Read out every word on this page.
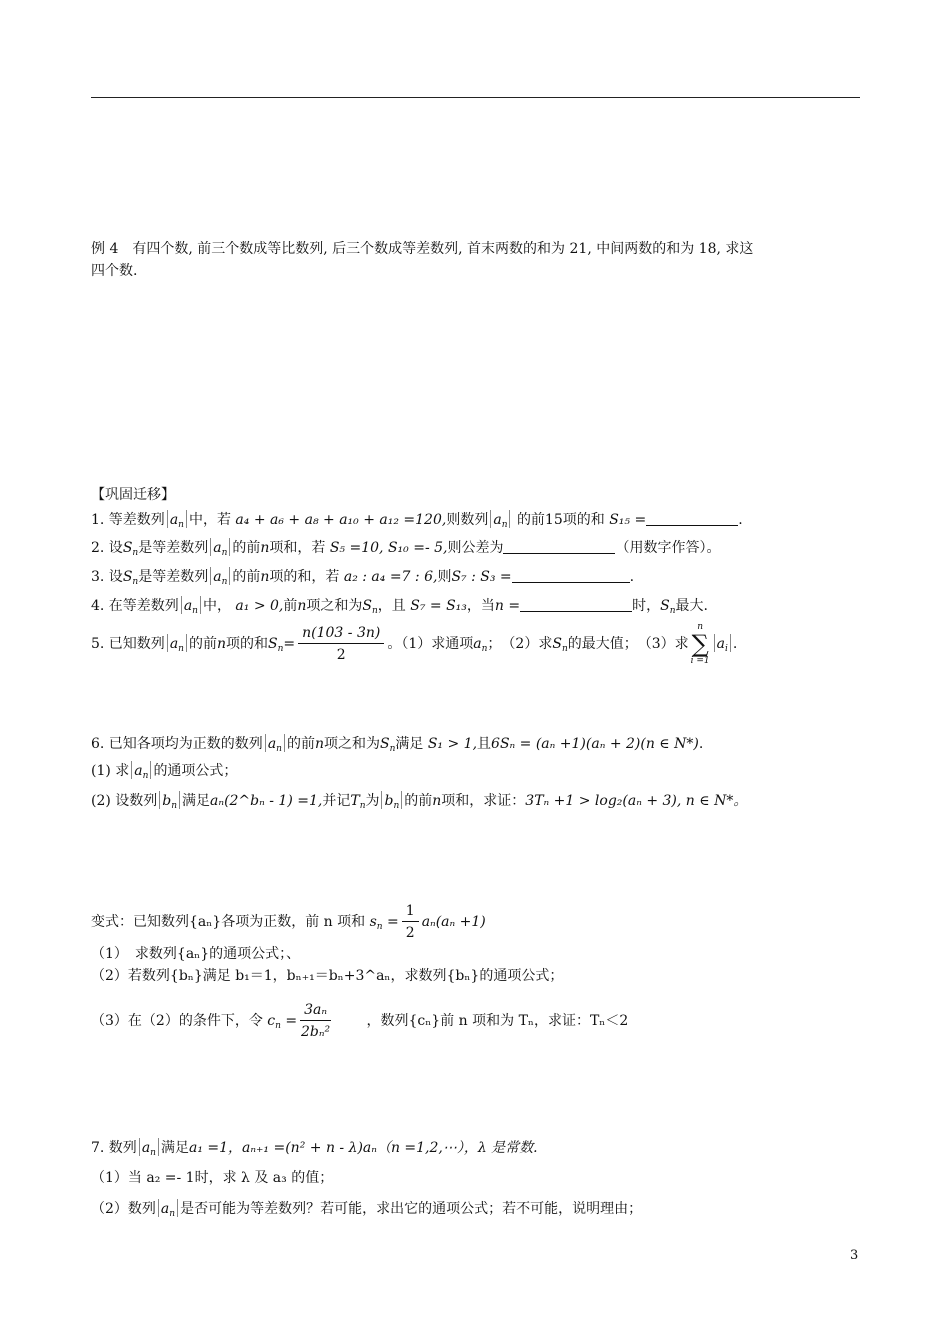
例 4　有四个数, 前三个数成等比数列, 后三个数成等差数列, 首末两数的和为 21, 中间两数的和为 18, 求这
四个数.
【巩固迁移】
1. 等差数列 $a_n$ 中，若 a₄ + a₆ + a₈ + a₁₀ + a₁₂ =120,则数列 $a_n$ 的前15项的和 S₁₅ =	.
2. 设$S_n$是等差数列 $a_n$ 的前n项和，若 S₅ =10, S₁₀ =- 5,则公差为	（用数字作答）。
3. 设$S_n$是等差数列 $a_n$ 的前n项的和，若 a₂ : a₄ =7 : 6,则S₇ : S₃ =	.
4. 在等差数列 $a_n$ 中， a₁ > 0,前n项之和为$S_n$，且 S₇ = S₁₃，当n =	时，$S_n$最大.
5. 已知数列 $a_n$ 的前n项的和$S_n= \frac{n(103 - 3n)}{2}$ 。（1）求通项$a_n$；　（2）求$S_n$的最大值；　（3）求
n
∑
i =1
$a_i$ .
6. 已知各项均为正数的数列 $a_n$ 的前n项之和为$S_n$满足 S₁ > 1,且6Sₙ = (aₙ +1)(aₙ + 2)(n ∈ N*).
(1) 求 $a_n$ 的通项公式；
(2) 设数列 $b_n$ 满足aₙ(2^bₙ - 1) =1,并记$T_n$为 $b_n$ 的前n项和，求证：3Tₙ +1 > log₂(aₙ + 3), n ∈ N*。
变式：已知数列{aₙ}各项为正数，前 n 项和 $s_n = \frac{1}{2} a_n(a_n +1)$
（1）　求数列{aₙ}的通项公式；、
（2）若数列{bₙ}满足 b₁＝1，bₙ₊₁＝bₙ+3^aₙ，求数列{bₙ}的通项公式；
（3）在（2）的条件下，令 $c_n = \frac{\text{3aₙ}}{\text{2bₙ²}}$
　　	，数列{cₙ}前 n 项和为 Tₙ，求证：Tₙ＜2
7. 数列 $a_n$ 满足a₁ =1，aₙ₊₁ =(n² + n - λ)aₙ（n =1,2,⋯），λ 是常数.
（1）当 a₂ =- 1时，求 λ 及 a₃ 的值；
（2）数列 $a_n$ 是否可能为等差数列？若可能，求出它的通项公式；若不可能，说明理由；
3
